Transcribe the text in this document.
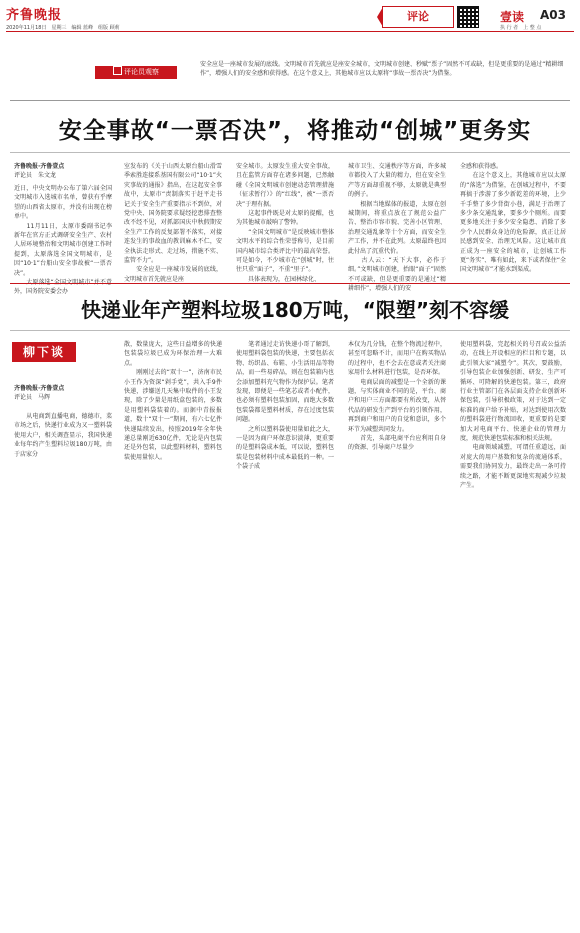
齐鲁晚报
2020年11月18日　星期三　编辑 蓝峰　组版 顾莉
评论	壹读 A03
执 行 者　上 整 点
评论员观察
安全应是一座城市发展的底线。文明城市首先就应是座安全城市，文明城市创建、秒赋“票子”固然不可或缺，但是更重要的是通过“精耕细作”，增强人们的安全感和获得感。在这个意义上，其他城市应以太原将“事故一票否决”为借鉴。
安全事故“一票否决”，将推动“创城”更务实
齐鲁晚报·齐鲁壹点
评论员　朱文龙
近日，中央文明办公布了第六届全国文明城市入选城市名单，曾获有乎摩望的山西省太原市，并没有出现在榜单中。
　　11月11日，太原市委副书记李新年在官方正式调研安全生产、农村人居环境整治和文明城市创建工作时提到，太原落选全国文明城市，是因“10·1”台船山安全事故被“一票否决”。
　　外，国务院安委会办
室发布的《关于山西太原台船山滑雪季索胜连接系基国有限公司“10·1”火灾事故的通报》指出，在这起安全事故中，太原市“责制落实于赶平走书记关于安全生产重要指示不到位，对党中央、国务院要求疑经挖患排查整改不经不见，对抓部国庆中秋假期安全生产工作的反复部署不落实，对接连发生的事故血的教训麻木不仁，安全执法走形式、走过场，措施不实、监管不力”。
　　安全应是一座城市发展的底线，文明城市首先就应是座
安全城市。太原发生重大安全事故，且在监管方面存在诸多问题，已然触碰《全国文明城市创建动态管理措施（征求暂行）》的“红线”，被“一票否决”于理有据。
　　这起事件既是对太原的提醒，也为其他城市敲响了警钟。
　　“全国文明城市”是反映城市整体文明水平的综合性荣誉称号，是目前国内城市综合类评比中的最高荣誉。可是如今，不少城市在“创城”时，往往只重“面子”，不重“里子”。
　　具体表现为，在园林绿化、
城市卫生、交通秩序等方面，许多城市都投入了大量的精力，但在安全生产等方面却重视不够，太原就是典型的例子。
　　根据当地媒体的报道，太原在创城期间，将重点放在了规范公益广告、整治市容市貌、完善小区管理、治理交通乱象等十个方面，而安全生产工作，并不在此列。太原最终也因此付出了沉重代价。
　　古人云：“天下大事，必作于细。”文明城市创建，抬眼“面子”固然不可或缺，但是更重要的是通过“精耕细作”，增强人们的安
全感和获得感。
　　在这个意义上，其他城市应以太原的“落选”为借鉴，在创城过程中，不要再搞于涉游了多少新乾差的环境，上少千手整了多少背街小巷，满足于治理了多少条交通乱象，要多少个厕所。而要更多地关注于多少安全隐患、消除了多少个人民群众身边的危险源，真正让居民感到安全、治理无风险。这让城市真正成为一座安全的城市，让创城工作更“务实”、唯有如此，来下或者保住“全国文明城市”才能水到渠成。
快递业年产塑料垃圾180万吨，“限塑”刻不容缓
柳下谈
齐鲁晚报·齐鲁壹点
评论员　马辉
　　从电商到直播电商，德德市，菜市场之后，快递行业成为又一塑料袋使用大户，相关调查显示，我国快递业每年约产生塑料垃圾180万吨，由于店家分
散，数量庞大，这些日益增多的快递包装袋垃圾已成为环保治理一大难点。
　　刚刚过去的“双十一”，济南市民小王作为资深“剁手党”，共入手9件快递，涉嫌送几天集中取件的小王发现，除了少量是用纸盒包装的，多数是用塑料袋装着的。而据中青报报道，数十“双十一”期间，有六七亿件快递陆续发出，按照2019年全年快递总量刚近630亿件，无论是内包装还是外包装，以此塑料材料，塑料包装使用量惊人。
　　笔者通过走访快递小哥了解到，使用塑料袋包装的快递，主要包括衣物、纺织品、布鞋、小生活用品等物品，而一些易碎品，则在包装箱内也会添加塑料充气物作为保护层。笔者发现，即便是一些笔芯或者小配件，也必须有塑料包装加固，而绝大多数包装袋都是塑料材质，存在过度包装问题。
　　之所以塑料袋使用量如此之大，一是因为商户环保意识淡薄，更重要的是塑料袋成本低，可以说，塑料包装是包装材料中成本最低的一种。一个袋子成
本仅为几分钱，在整个物流过程中，甚至可忽略不计，而用户在购买物品的过程中，也不会去在意或者关注商家用什么材料进行包装，是否环保。
　　电商层面的减塑是一个全新的课题，与实体商业不同的是，平台、商户和用户三方面都要有所改变，从替代品的研发生产到平台的引领作用，再到商户和用户的自觉和意识，多个环节为减塑共同发力。
　　首先，头部电商平台应利用自身的资源、引导商户尽量少
使用塑料袋，完起相关的号召或公益活动，在线上开设相应的栏目和专题，以此引领大家“减塑令”。其次，要鼓励，引导包装企业加强创新、研发、生产可循环、可降解的快递包装。第三，政府行业主管部门在各层面支持企业创新环保包装，引导积极政策，对于达到一定标准的商户给予补贴，对达到使用次数的塑料袋进行物流回收，更重要的是要加大对电商平台、快递企业的管理力度，规范快递包装标准和相关法规。
　　电商领域减塑，可谓任重道远，面对庞大的用户基数和复杂的流通体系，需要我们协同发力，最终走出一条可持续之路，才能不断更深地实现减少垃圾产生。
